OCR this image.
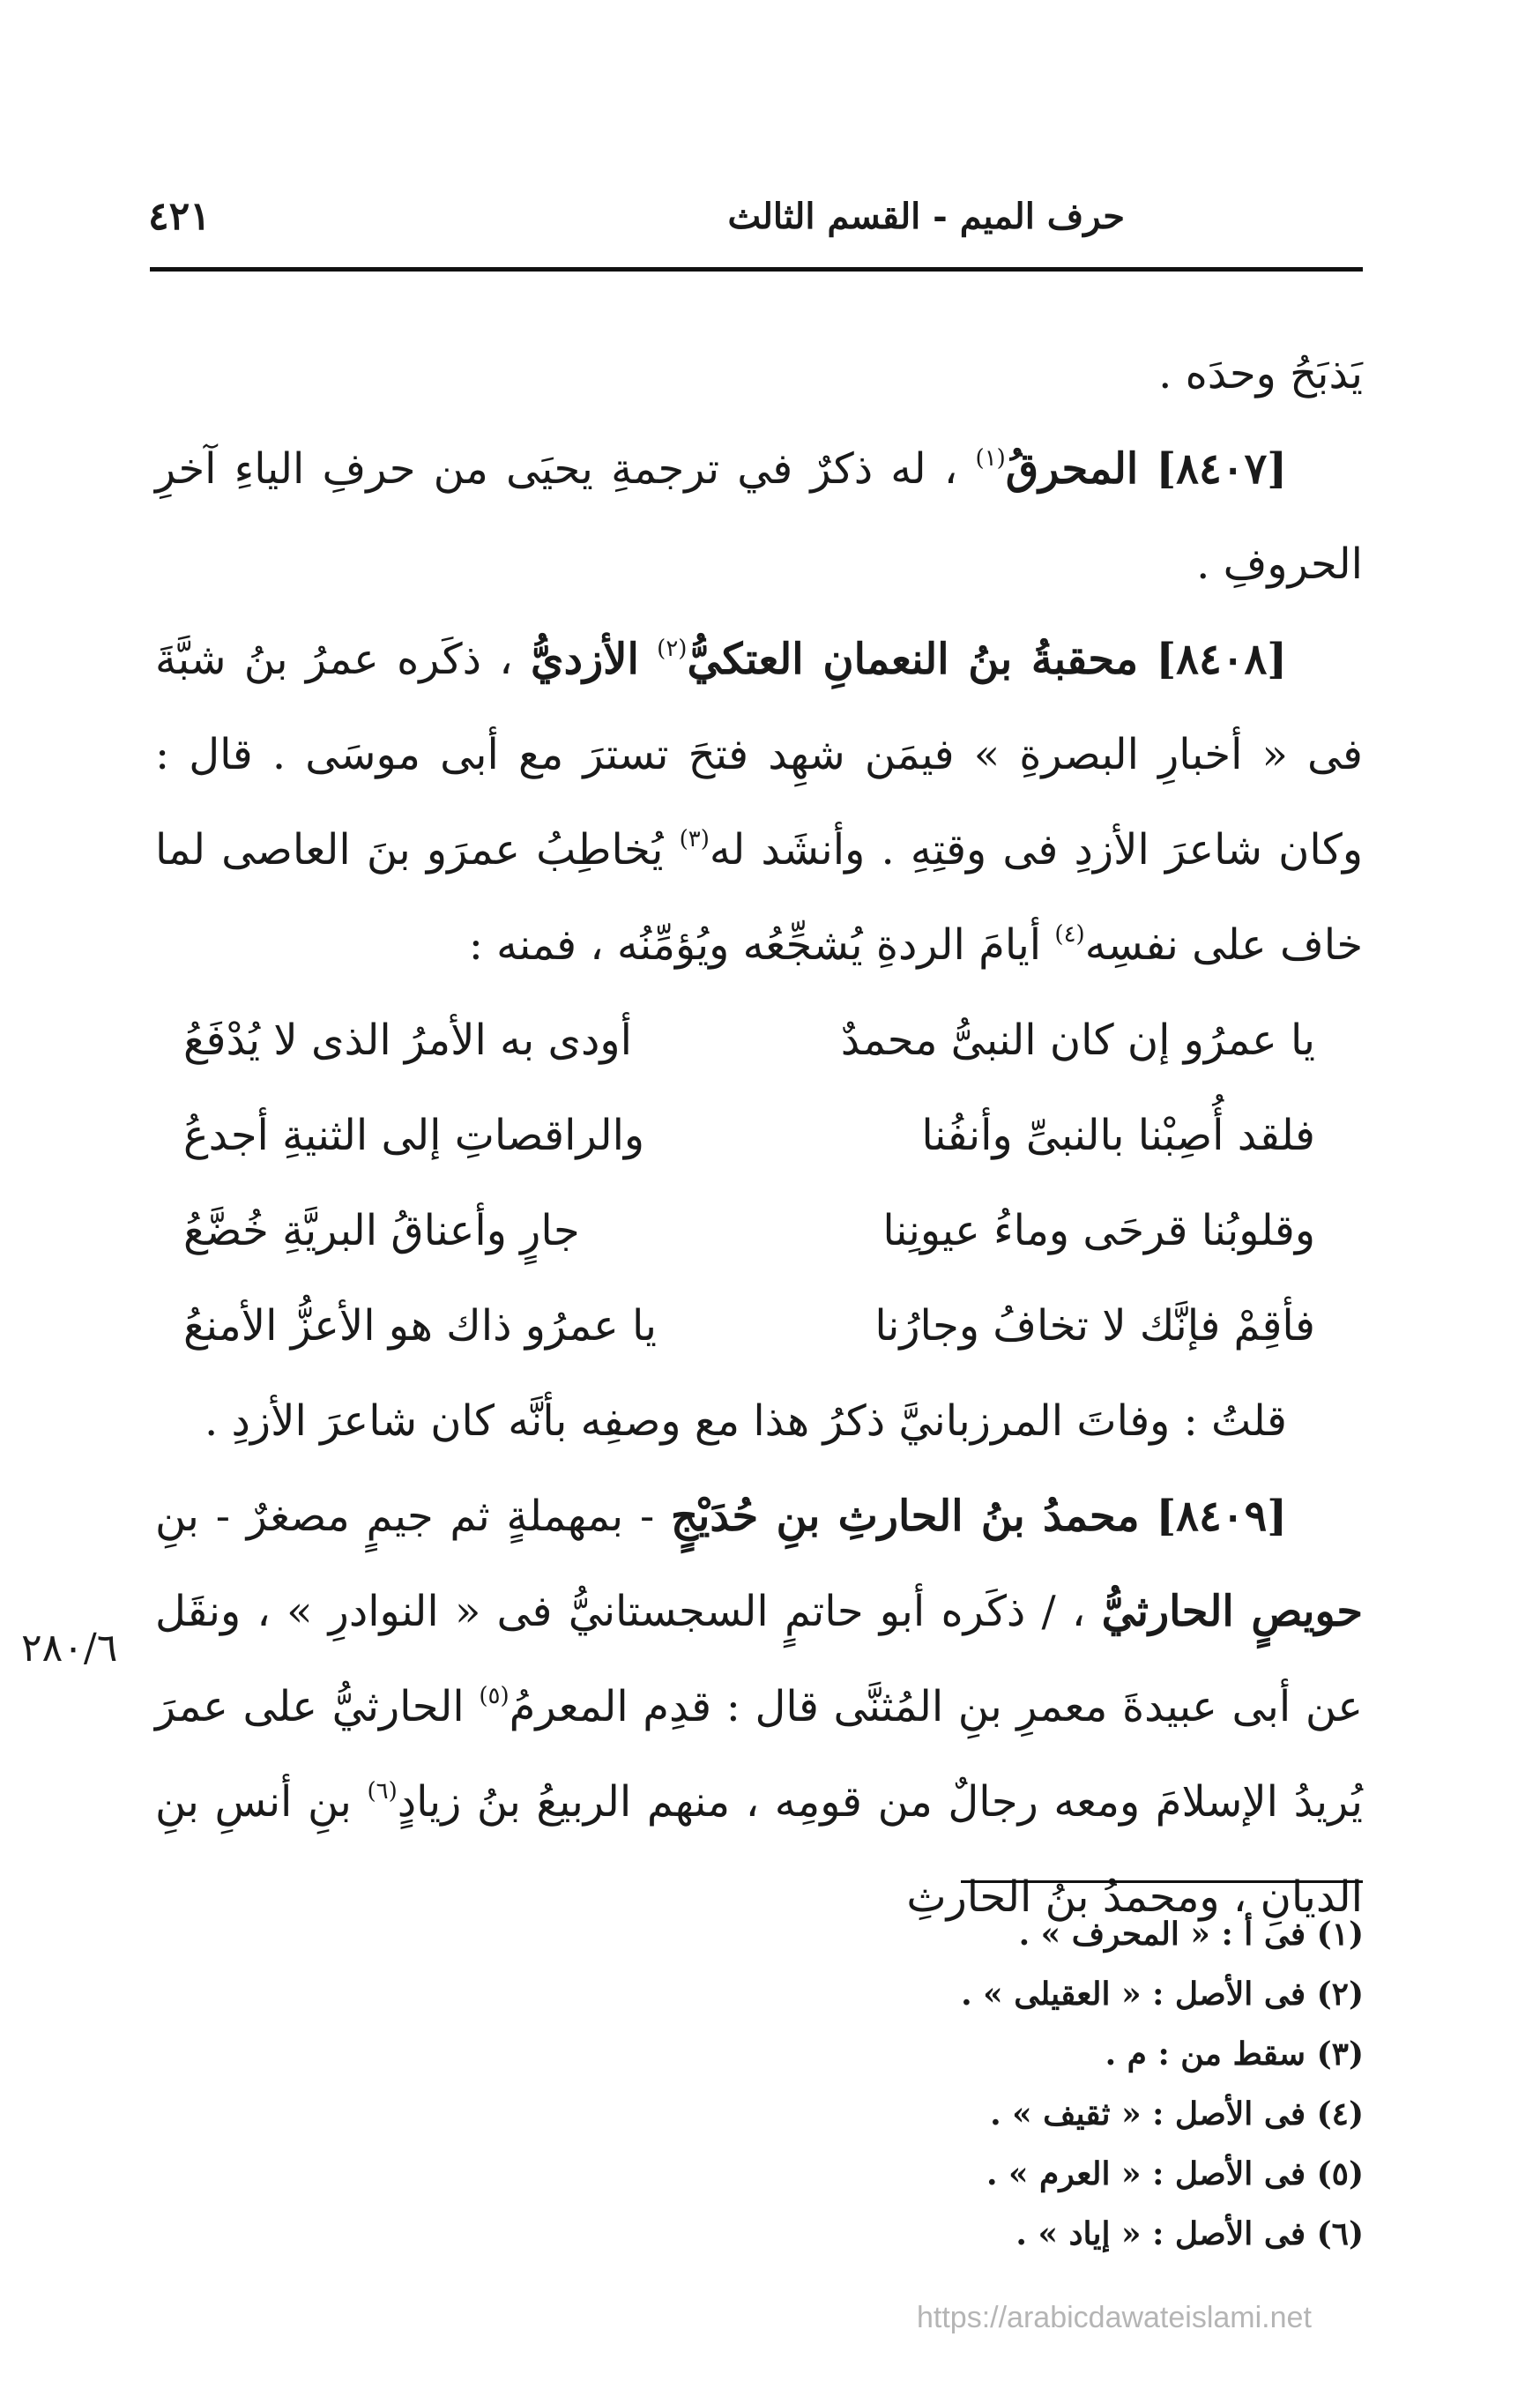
حرف الميم - القسم الثالث
٤٢١

يَذبَحُ وحدَه .

[٨٤٠٧] المحرقُ$^{(١)}$ ، له ذكرٌ في ترجمةِ يحيَى من حرفِ الياءِ آخرِ الحروفِ .

[٨٤٠٨] محقبةُ بنُ النعمانِ العتكيُّ$^{(٢)}$ الأزديُّ ، ذكَره عمرُ بنُ شبَّةَ فى « أخبارِ البصرةِ » فيمَن شهِد فتحَ تسترَ مع أبى موسَى . قال : وكان شاعرَ الأزدِ فى وقتِهِ . وأنشَد له$^{(٣)}$ يُخاطِبُ عمرَو بنَ العاصى لما خاف على نفسِه$^{(٤)}$ أيامَ الردةِ يُشجِّعُه ويُؤمِّنُه ، فمنه :

يا عمرُو إن كان النبىُّ محمدٌ
أودى به الأمرُ الذى لا يُدْفَعُ
فلقد أُصِبْنا بالنبىِّ وأنفُنا
والراقصاتِ إلى الثنيةِ أجدعُ
وقلوبُنا قرحَى وماءُ عيونِنا
جارٍ وأعناقُ البريَّةِ خُضَّعُ
فأقِمْ فإنَّك لا تخافُ وجارُنا
يا عمرُو ذاك هو الأعزُّ الأمنعُ

قلتُ : وفاتَ المرزبانيَّ ذكرُ هذا مع وصفِه بأنَّه كان شاعرَ الأزدِ .

[٨٤٠٩] محمدُ بنُ الحارثِ بنِ حُدَيْجٍ - بمهملةٍ ثم جيمٍ مصغرٌ - بنِ حويصٍ الحارثيُّ ، / ذكَره أبو حاتمٍ السجستانيُّ فى « النوادرِ » ، ونقَل عن أبى عبيدةَ معمرِ بنِ المُثنَّى قال : قدِم المعرمُ$^{(٥)}$ الحارثيُّ على عمرَ يُريدُ الإسلامَ ومعه رجالٌ من قومِه ، منهم الربيعُ بنُ زيادٍ$^{(٦)}$ بنِ أنسِ بنِ الديانِ ، ومحمدُ بنُ الحارثِ

٢٨٠/٦
(١) فى أ : « المحرف » .
(٢) فى الأصل : « العقيلى » .
(٣) سقط من : م .
(٤) فى الأصل : « ثقيف » .
(٥) فى الأصل : « العرم » .
(٦) فى الأصل : « إياد » .
https://arabicdawateislami.net
